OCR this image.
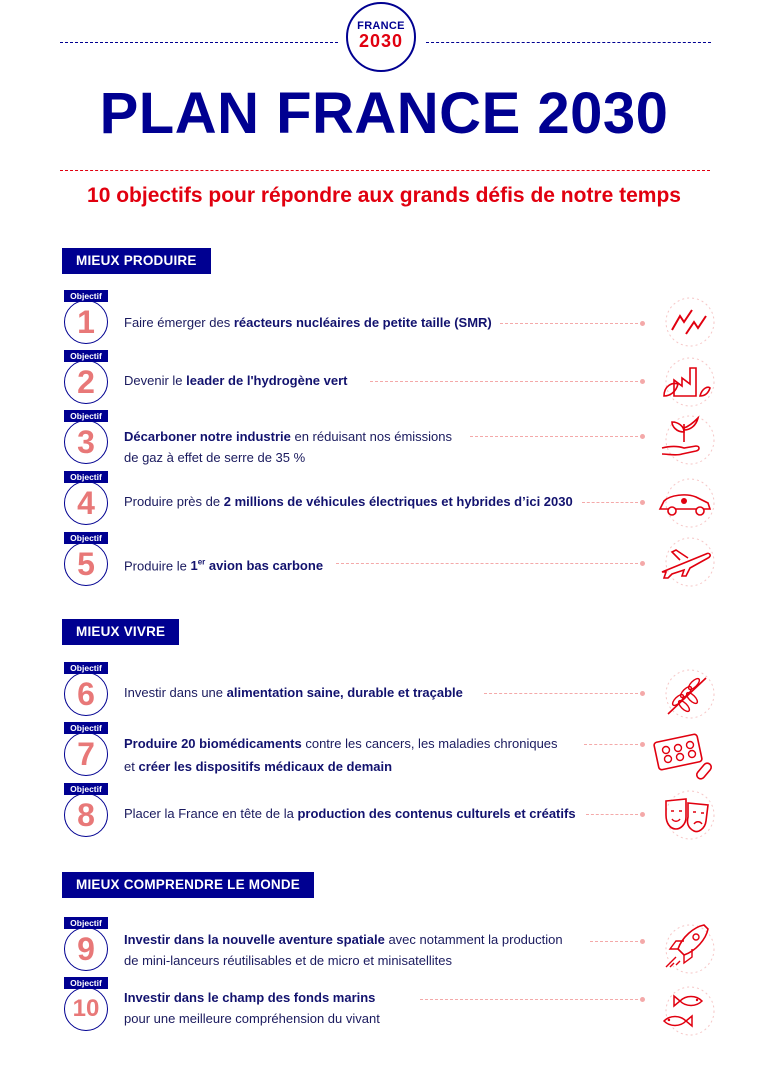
FRANCE
2030
PLAN FRANCE 2030
10 objectifs pour répondre aux grands défis de notre temps
MIEUX PRODUIRE
MIEUX VIVRE
MIEUX COMPRENDRE LE MONDE
Objectif
1	Faire émerger des réacteurs nucléaires de petite taille (SMR)
Objectif
2	Devenir le leader de l'hydrogène vert
Objectif
3	Décarboner notre industrie en réduisant nos émissions
de gaz à effet de serre de 35 %
Objectif
4	Produire près de 2 millions de véhicules électriques et hybrides d’ici 2030
Objectif
5	Produire le 1er avion bas carbone
Objectif
6	Investir dans une alimentation saine, durable et traçable
Objectif
7	Produire 20 biomédicaments contre les cancers, les maladies chroniques
et créer les dispositifs médicaux de demain
Objectif
8	Placer la France en tête de la production des contenus culturels et créatifs
Objectif
9	Investir dans la nouvelle aventure spatiale avec notamment la production
de mini-lanceurs réutilisables et de micro et minisatellites
Objectif
10	Investir dans le champ des fonds marins
pour une meilleure compréhension du vivant
